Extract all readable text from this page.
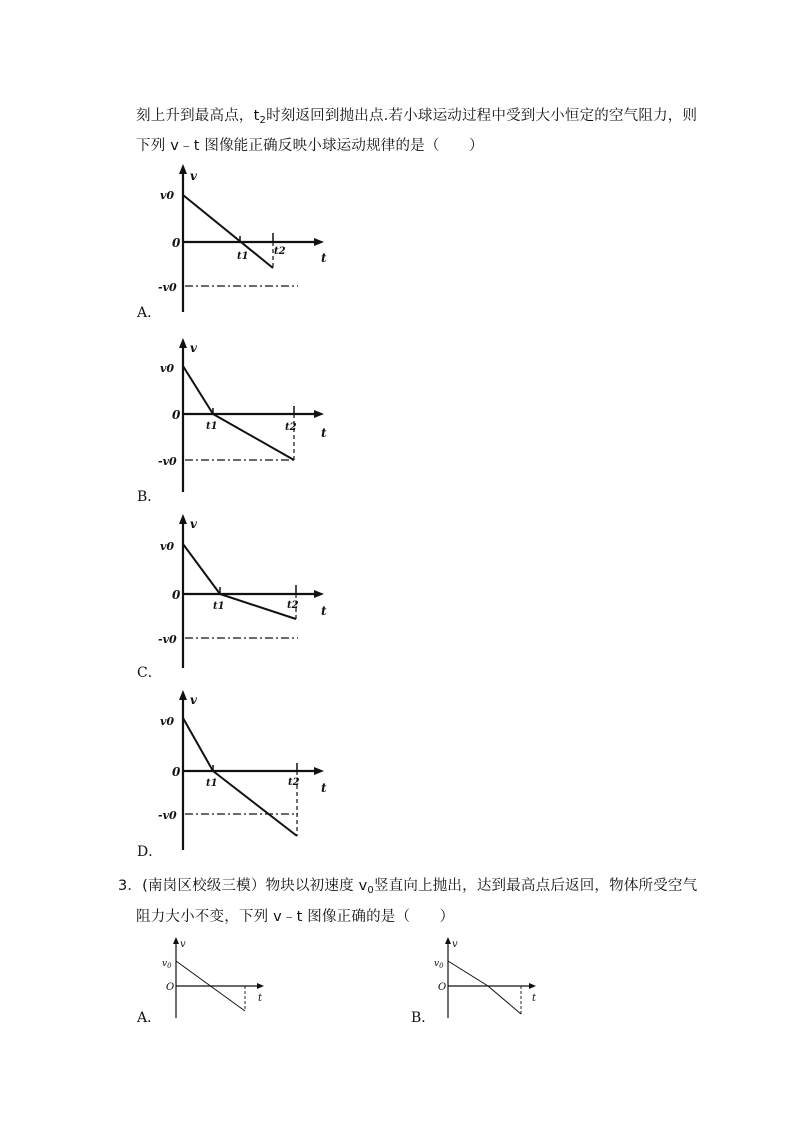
刻上升到最高点，$t_2$时刻返回到抛出点.若小球运动过程中受到大小恒定的空气阻力，则
下列 v﹣t 图像能正确反映小球运动规律的是（　　）
v
t
v0
0
-v0
t1	t2
A．
v
t
v0
0
-v0
t1	t2
B．
v
t
v0
0
-v0
t1	t2
C．
v
t
v0
0
-v0
t1	t2
D．
3．(南岗区校级三模）物块以初速度 $v_0$竖直向上抛出，达到最高点后返回，物体所受空气
阻力大小不变，下列 v﹣t 图像正确的是（　　）
v
t
$v_0$
O
A．
v
t
$v_0$
O
B．
